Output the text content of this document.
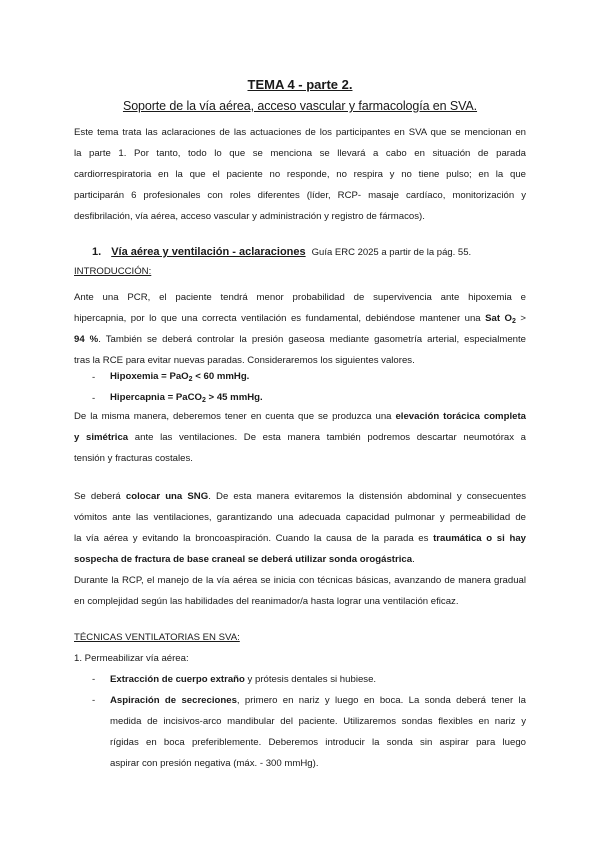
TEMA 4 - parte 2.
Soporte de la vía aérea, acceso vascular y farmacología en SVA.
Este tema trata las aclaraciones de las actuaciones de los participantes en SVA que se mencionan en
la parte 1. Por tanto, todo lo que se menciona se llevará a cabo en situación de parada
cardiorrespiratoria en la que el paciente no responde, no respira y no tiene pulso; en la que
participarán 6 profesionales con roles diferentes (líder, RCP- masaje cardíaco, monitorización y
desfibrilación, vía aérea, acceso vascular y administración y registro de fármacos).
1. Vía aérea y ventilación - aclaraciones Guía ERC 2025 a partir de la pág. 55.
INTRODUCCIÓN:
Ante una PCR, el paciente tendrá menor probabilidad de supervivencia ante hipoxemia e
hipercapnia, por lo que una correcta ventilación es fundamental, debiéndose mantener una Sat $O_2$ >
94 %. También se deberá controlar la presión gaseosa mediante gasometría arterial, especialmente
tras la RCE para evitar nuevas paradas. Consideraremos los siguientes valores.
- Hipoxemia = PaO$_2$ < 60 mmHg.
- Hipercapnia = PaCO$_2$ > 45 mmHg.
De la misma manera, deberemos tener en cuenta que se produzca una elevación torácica completa
y simétrica ante las ventilaciones. De esta manera también podremos descartar neumotórax a
tensión y fracturas costales.
Se deberá colocar una SNG. De esta manera evitaremos la distensión abdominal y consecuentes
vómitos ante las ventilaciones, garantizando una adecuada capacidad pulmonar y permeabilidad de
la vía aérea y evitando la broncoaspiración. Cuando la causa de la parada es traumática o si hay
sospecha de fractura de base craneal se deberá utilizar sonda orogástrica.
Durante la RCP, el manejo de la vía aérea se inicia con técnicas básicas, avanzando de manera gradual
en complejidad según las habilidades del reanimador/a hasta lograr una ventilación eficaz.
TÉCNICAS VENTILATORIAS EN SVA:
1. Permeabilizar vía aérea:
- Extracción de cuerpo extraño y prótesis dentales si hubiese.
- Aspiración de secreciones, primero en nariz y luego en boca. La sonda deberá tener la
medida de incisivos-arco mandibular del paciente. Utilizaremos sondas flexibles en nariz y
rígidas en boca preferiblemente. Deberemos introducir la sonda sin aspirar para luego
aspirar con presión negativa (máx. - 300 mmHg).
